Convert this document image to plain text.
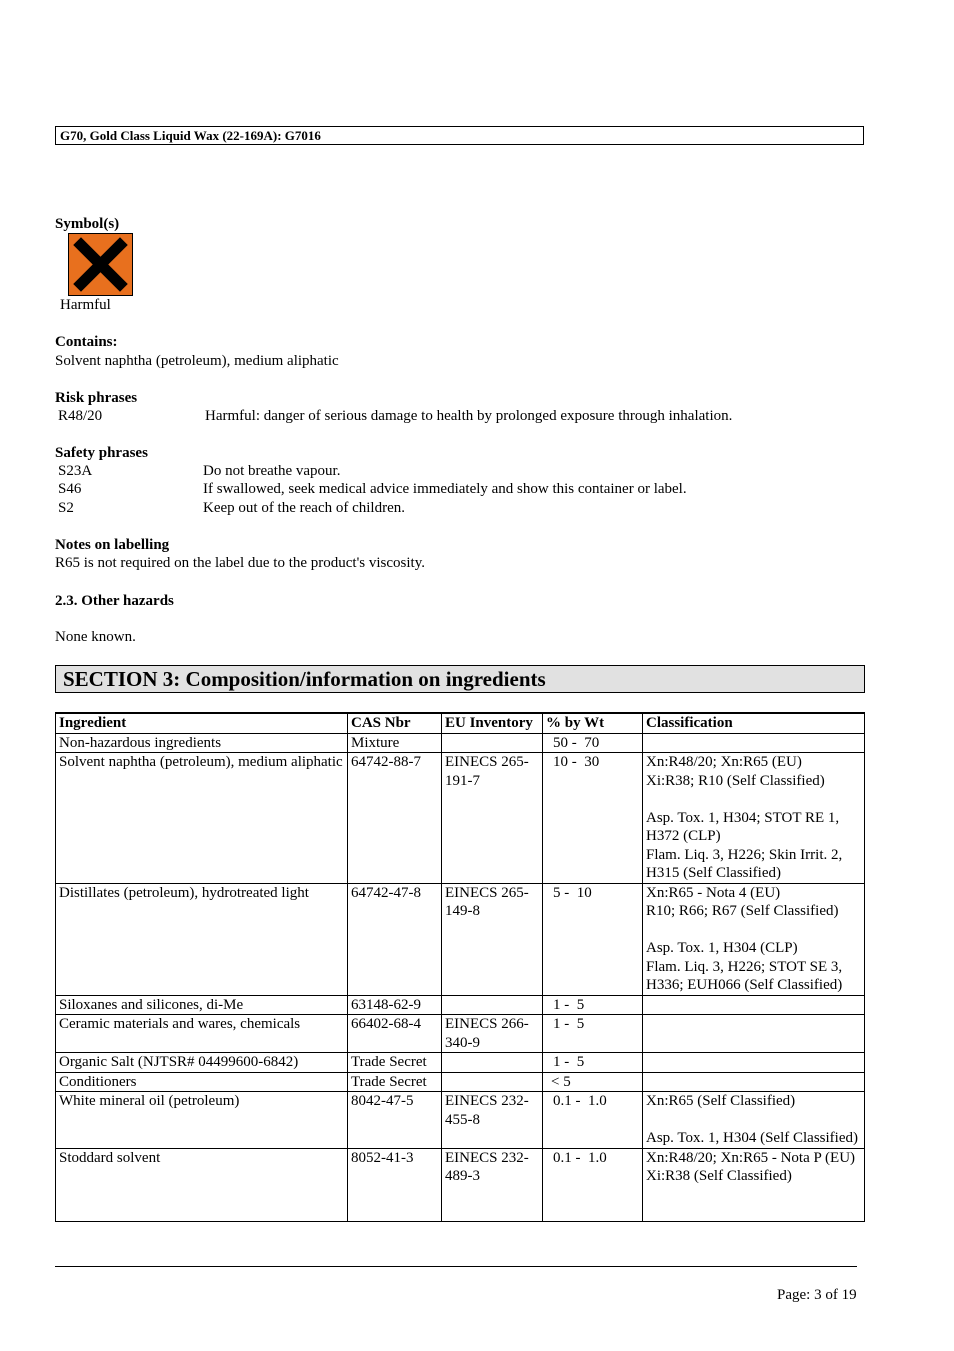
G70, Gold Class Liquid Wax (22-169A): G7016
Symbol(s)
Harmful
Contains:
Solvent naphtha (petroleum), medium aliphatic
Risk phrases
R48/20	Harmful: danger of serious damage to health by prolonged exposure through inhalation.
Safety phrases
S23A	Do not breathe vapour.
S46	If swallowed, seek medical advice immediately and show this container or label.
S2	Keep out of the reach of children.
Notes on labelling
R65 is not required on the label due to the product's viscosity.
2.3. Other hazards
None known.
SECTION 3: Composition/information on ingredients
Ingredient	CAS Nbr	EU Inventory	% by Wt	Classification
Non-hazardous ingredients	Mixture		50 -  70	
Solvent naphtha (petroleum), medium aliphatic	64742-88-7	EINECS 265-191-7	10 -  30	Xn:R48/20; Xn:R65 (EU)
Xi:R38; R10 (Self Classified)

Asp. Tox. 1, H304; STOT RE 1, H372 (CLP)
Flam. Liq. 3, H226; Skin Irrit. 2, H315 (Self Classified)
Distillates (petroleum), hydrotreated light	64742-47-8	EINECS 265-149-8	5 -  10	Xn:R65 - Nota 4 (EU)
R10; R66; R67 (Self Classified)

Asp. Tox. 1, H304 (CLP)
Flam. Liq. 3, H226; STOT SE 3, H336; EUH066 (Self Classified)
Siloxanes and silicones, di-Me	63148-62-9		1 -  5	
Ceramic materials and wares, chemicals	66402-68-4	EINECS 266-340-9	1 -  5	
Organic Salt (NJTSR# 04499600-6842)	Trade Secret		1 -  5	
Conditioners	Trade Secret		< 5	
White mineral oil (petroleum)	8042-47-5	EINECS 232-455-8	0.1 -  1.0	Xn:R65 (Self Classified)

Asp. Tox. 1, H304 (Self Classified)
Stoddard solvent	8052-41-3	EINECS 232-489-3	0.1 -  1.0	Xn:R48/20; Xn:R65 - Nota P (EU)
Xi:R38 (Self Classified)
Page: 3 of 19
